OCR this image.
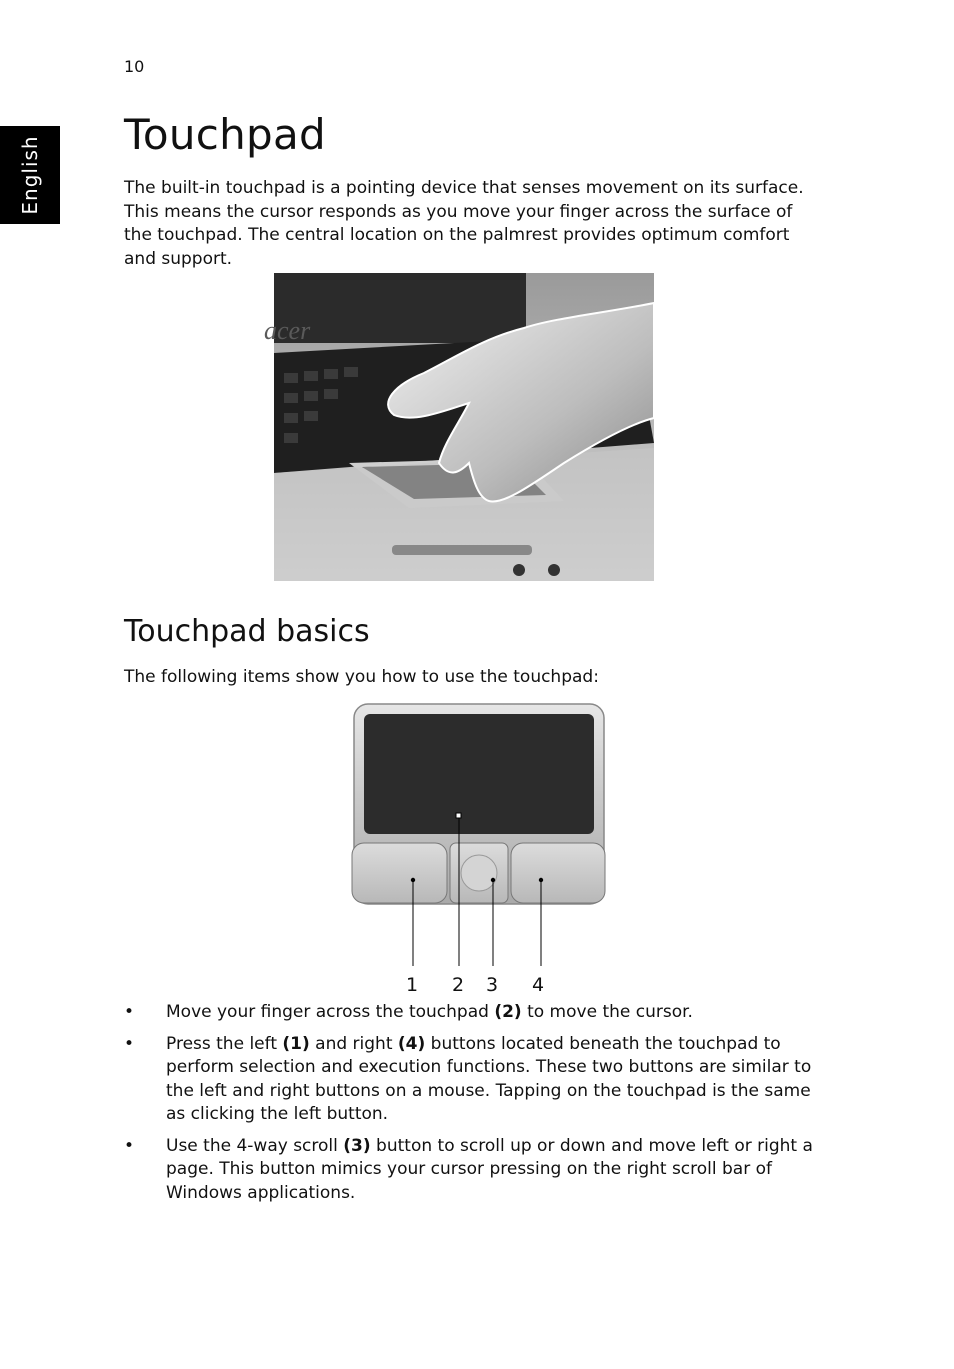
10
English
Touchpad

The built-in touchpad is a pointing device that senses movement on its surface. This means the cursor responds as you move your finger across the surface of the touchpad. The central location on the palmrest provides optimum comfort and support.

acer
Touchpad basics

The following items show you how to use the touchpad:

1 2 3 4
• Move your finger across the touchpad (2) to move the cursor.
• Press the left (1) and right (4) buttons located beneath the touchpad to perform selection and execution functions. These two buttons are similar to the left and right buttons on a mouse. Tapping on the touchpad is the same as clicking the left button.
• Use the 4-way scroll (3) button to scroll up or down and move left or right a page. This button mimics your cursor pressing on the right scroll bar of Windows applications.
